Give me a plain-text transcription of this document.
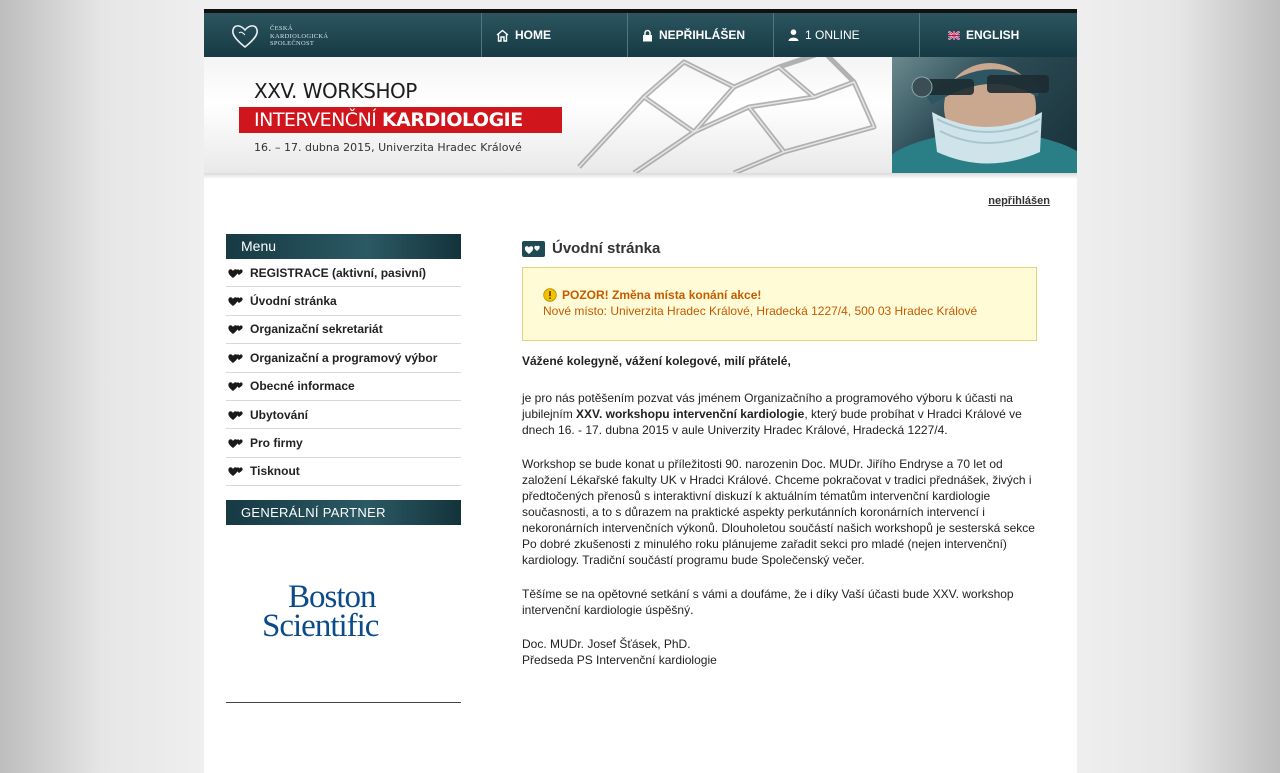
ČESKÁ
KARDIOLOGICKÁ
SPOLEČNOST
HOME	NEPŘIHLÁŠEN	1 ONLINE	ENGLISH
XXV. WORKSHOP
INTERVENČNÍ KARDIOLOGIE
16. – 17. dubna 2015, Univerzita Hradec Králové
nepřihlášen
Menu
REGISTRACE (aktivní, pasivní)
Úvodní stránka
Organizační sekretariát
Organizační a programový výbor
Obecné informace
Ubytování
Pro firmy
Tisknout
GENERÁLNÍ PARTNER
Boston
Scientific
Úvodní stránka
POZOR! Změna místa konání akce!
Nové místo: Univerzita Hradec Králové, Hradecká 1227/4, 500 03 Hradec Králové

Vážené kolegyně, vážení kolegové, milí přátelé,

je pro nás potěšením pozvat vás jménem Organizačního a programového výboru k účasti na jubilejním XXV. workshopu intervenční kardiologie, který bude probíhat v Hradci Králové ve dnech 16. - 17. dubna 2015 v aule Univerzity Hradec Králové, Hradecká 1227/4.

Workshop se bude konat u příležitosti 90. narozenin Doc. MUDr. Jiřího Endryse a 70 let od založení Lékařské fakulty UK v Hradci Králové. Chceme pokračovat v tradici přednášek, živých i předtočených přenosů s interaktivní diskuzí k aktuálním tématům intervenční kardiologie současnosti, a to s důrazem na praktické aspekty perkutánních koronárních intervencí i nekoronárních intervenčních výkonů. Dlouholetou součástí našich workshopů je sesterská sekce Po dobré zkušenosti z minulého roku plánujeme zařadit sekci pro mladé (nejen intervenční) kardiology. Tradiční součástí programu bude Společenský večer.

Těšíme se na opětovné setkání s vámi a doufáme, že i díky Vaší účasti bude XXV. workshop intervenční kardiologie úspěšný.

Doc. MUDr. Josef Šťásek, PhD.
Předseda PS Intervenční kardiologie
